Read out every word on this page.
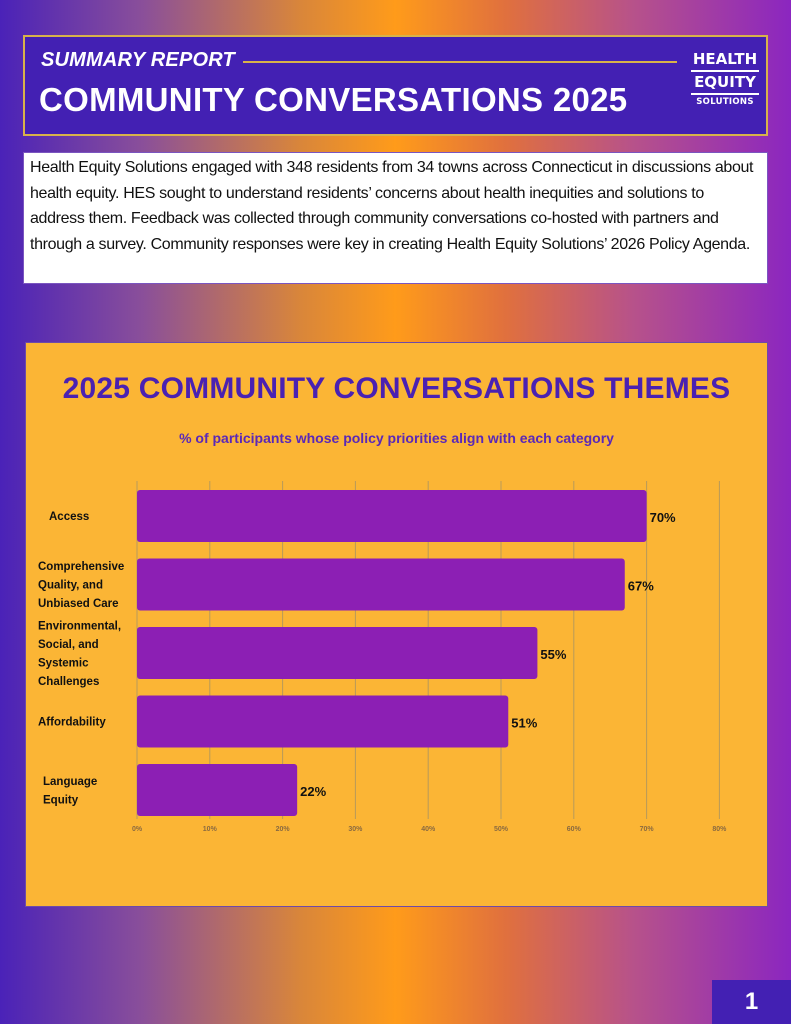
SUMMARY REPORT
COMMUNITY CONVERSATIONS 2025
HEALTH
EQUITY
SOLUTIONS
Health Equity Solutions engaged with 348 residents from 34 towns across Connecticut in discussions about health equity. HES sought to understand residents’ concerns about health inequities and solutions to address them. Feedback was collected through community conversations co-hosted with partners and through a survey. Community responses were key in creating Health Equity Solutions’ 2026 Policy Agenda.
2025 COMMUNITY CONVERSATIONS THEMES
% of participants whose policy priorities align with each category
0%	10%	20%	30%	40%	50%	60%	70%	80%
70%
Access
67%
Comprehensive Quality, and Unbiased Care
55%
Environmental, Social, and Systemic Challenges
51%
Affordability
22%
Language Equity
1
